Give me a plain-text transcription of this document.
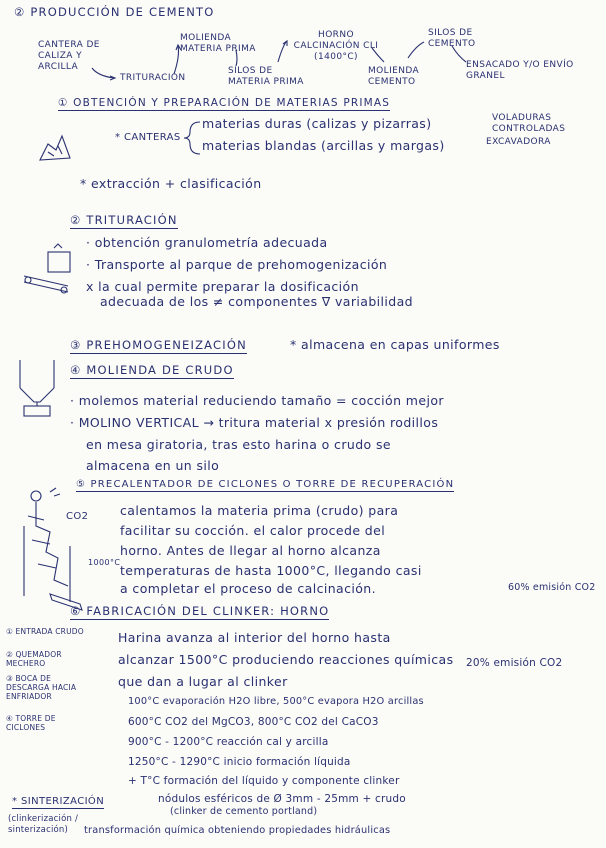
② PRODUCCIÓN DE CEMENTO
CANTERA DE CALIZA Y ARCILLA
TRITURACIÓN
MOLIENDA MATERIA PRIMA
SILOS DE MATERIA PRIMA
HORNO CALCINACIÓN CLI (1400°C)
MOLIENDA CEMENTO
SILOS DE CEMENTO
ENSACADO Y/O ENVÍO GRANEL
① OBTENCIÓN Y PREPARACIÓN DE MATERIAS PRIMAS
* CANTERAS
materias duras (calizas y pizarras)
materias blandas (arcillas y margas)
VOLADURAS CONTROLADAS
EXCAVADORA
* extracción + clasificación
② TRITURACIÓN
· obtención granulometría adecuada
· Transporte al parque de prehomogenización
x la cual permite preparar la dosificación
adecuada de los ≠ componentes ∇ variabilidad
③ PREHOMOGENEIZACIÓN	* almacena en capas uniformes
④ MOLIENDA DE CRUDO
· molemos material reduciendo tamaño = cocción mejor
· MOLINO VERTICAL → tritura material x presión rodillos
en mesa giratoria, tras esto harina o crudo se
almacena en un silo
⑤ PRECALENTADOR DE CICLONES O TORRE DE RECUPERACIÓN
CO2
1000°C
calentamos la materia prima (crudo) para
facilitar su cocción. el calor procede del
horno. Antes de llegar al horno alcanza
temperaturas de hasta 1000°C, llegando casi
a completar el proceso de calcinación.	60% emisión CO2
⑥ FABRICACIÓN DEL CLINKER: HORNO
Harina avanza al interior del horno hasta
alcanzar 1500°C produciendo reacciones químicas
que dan a lugar al clinker
20% emisión CO2
100°C evaporación H2O libre, 500°C evapora H2O arcillas
600°C CO2 del MgCO3, 800°C CO2 del CaCO3
900°C - 1200°C reacción cal y arcilla
1250°C - 1290°C inicio formación líquida
+ T°C formación del líquido y componente clinker
① ENTRADA CRUDO
② QUEMADOR MECHERO
③ BOCA DE DESCARGA HACIA ENFRIADOR
④ TORRE DE CICLONES
* SINTERIZACIÓN	nódulos esféricos de Ø 3mm - 25mm + crudo
(clinker de cemento portland)
(clinkerización / sinterización)	transformación química obteniendo propiedades hidráulicas
